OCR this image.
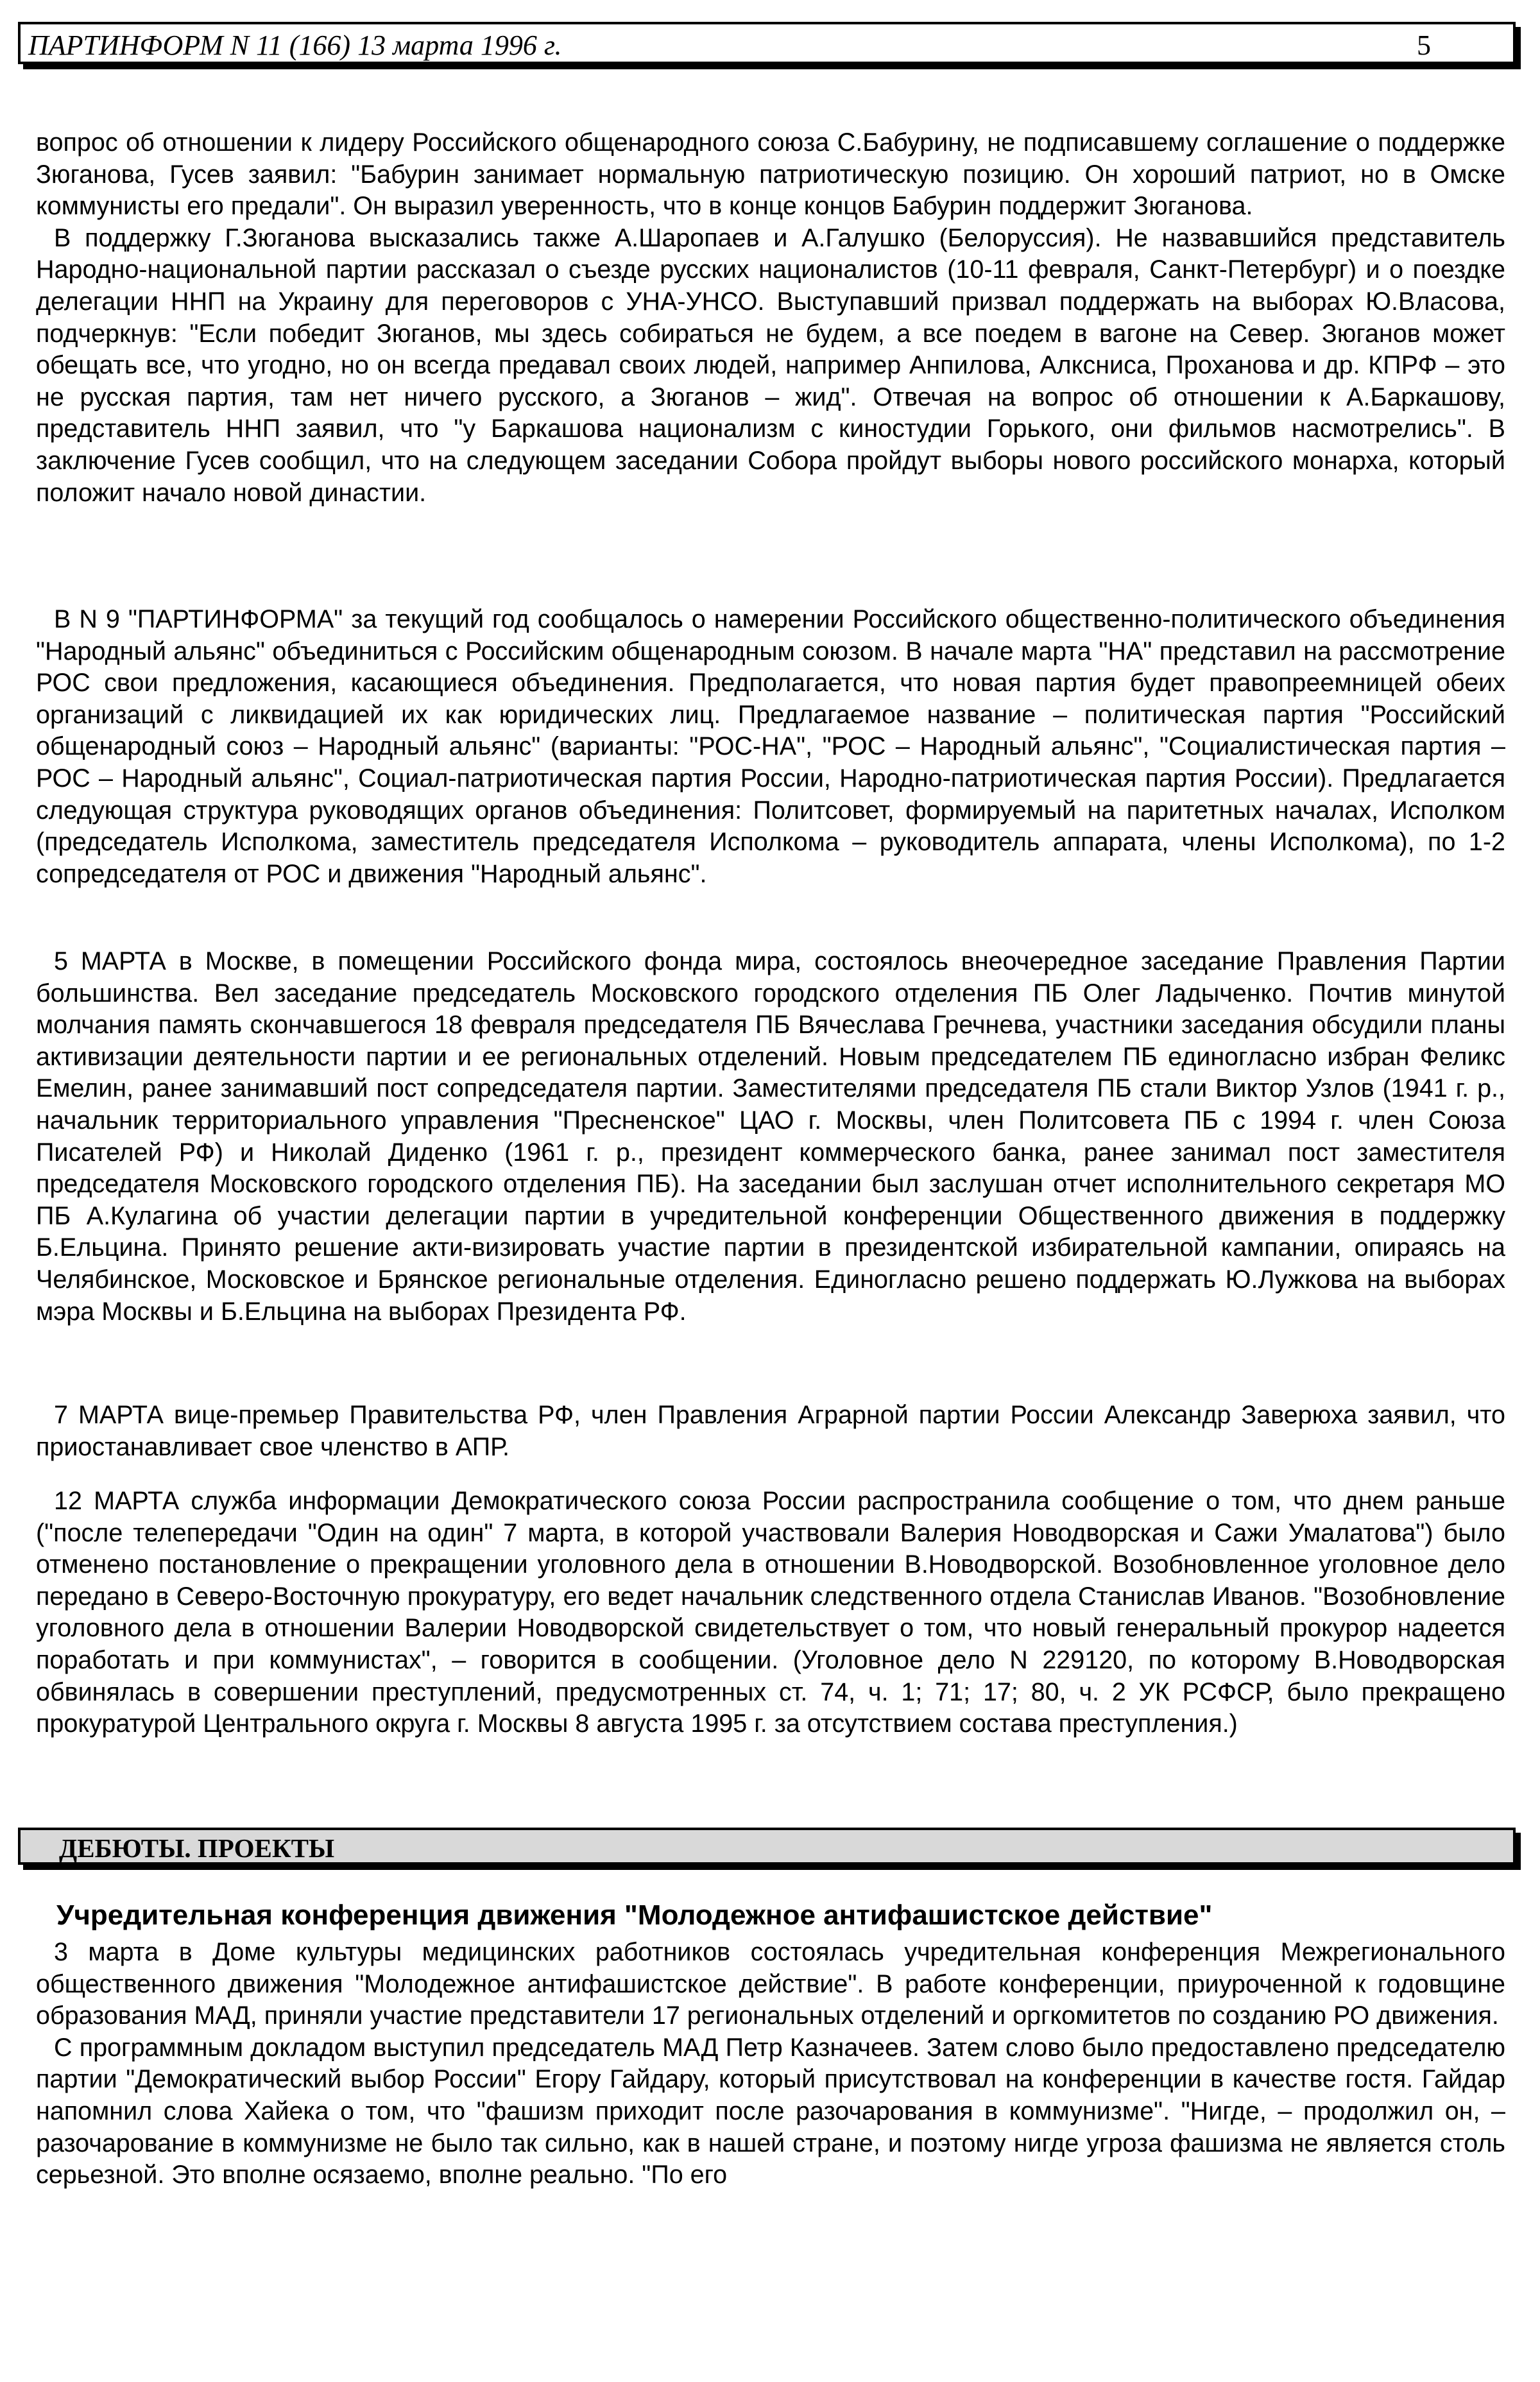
ПАРТИНФОРМ N 11 (166) 13 марта 1996 г.	5

вопрос об отношении к лидеру Российского общенародного союза С.Бабурину, не подписавшему соглашение о поддержке Зюганова, Гусев заявил: "Бабурин занимает нормальную патриотическую позицию. Он хороший патриот, но в Омске коммунисты его предали". Он выразил уверенность, что в конце концов Бабурин поддержит Зюганова.

В поддержку Г.Зюганова высказались также А.Шаропаев и А.Галушко (Белоруссия). Не назвавшийся представитель Народно-национальной партии рассказал о съезде русских националистов (10-11 февраля, Санкт-Петербург) и о поездке делегации ННП на Украину для переговоров с УНА-УНСО. Выступавший призвал поддержать на выборах Ю.Власова, подчеркнув: "Если победит Зюганов, мы здесь собираться не будем, а все поедем в вагоне на Север. Зюганов может обещать все, что угодно, но он всегда предавал своих людей, например Анпилова, Алксниса, Проханова и др. КПРФ – это не русская партия, там нет ничего русского, а Зюганов – жид". Отвечая на вопрос об отношении к А.Баркашову, представитель ННП заявил, что "у Баркашова национализм с киностудии Горького, они фильмов насмотрелись". В заключение Гусев сообщил, что на следующем заседании Собора пройдут выборы нового российского монарха, который положит начало новой династии.

В N 9 "ПАРТИНФОРМА" за текущий год сообщалось о намерении Российского общественно-политического объединения "Народный альянс" объединиться с Российским общенародным союзом. В начале марта "НА" представил на рассмотрение РОС свои предложения, касающиеся объединения. Предполагается, что новая партия будет правопреемницей обеих организаций с ликвидацией их как юридических лиц. Предлагаемое название – политическая партия "Российский общенародный союз – Народный альянс" (варианты: "РОС-НА", "РОС – Народный альянс", "Социалистическая партия – РОС – Народный альянс", Социал-патриотическая партия России, Народно-патриотическая партия России). Предлагается следующая структура руководящих органов объединения: Политсовет, формируемый на паритетных началах, Исполком (председатель Исполкома, заместитель председателя Исполкома – руководитель аппарата, члены Исполкома), по 1-2 сопредседателя от РОС и движения "Народный альянс".

5 МАРТА в Москве, в помещении Российского фонда мира, состоялось внеочередное заседание Правления Партии большинства. Вел заседание председатель Московского городского отделения ПБ Олег Ладыченко. Почтив минутой молчания память скончавшегося 18 февраля председателя ПБ Вячеслава Гречнева, участники заседания обсудили планы активизации деятельности партии и ее региональных отделений. Новым председателем ПБ единогласно избран Феликс Емелин, ранее занимавший пост сопредседателя партии. Заместителями председателя ПБ стали Виктор Узлов (1941 г. р., начальник территориального управления "Пресненское" ЦАО г. Москвы, член Политсовета ПБ с 1994 г. член Союза Писателей РФ) и Николай Диденко (1961 г. р., президент коммерческого банка, ранее занимал пост заместителя председателя Московского городского отделения ПБ). На заседании был заслушан отчет исполнительного секретаря МО ПБ А.Кулагина об участии делегации партии в учредительной конференции Общественного движения в поддержку Б.Ельцина. Принято решение акти-визировать участие партии в президентской избирательной кампании, опираясь на Челябинское, Московское и Брянское региональные отделения. Единогласно решено поддержать Ю.Лужкова на выборах мэра Москвы и Б.Ельцина на выборах Президента РФ.

7 МАРТА вице-премьер Правительства РФ, член Правления Аграрной партии России Александр Заверюха заявил, что приостанавливает свое членство в АПР.

12 МАРТА служба информации Демократического союза России распространила сообщение о том, что днем раньше ("после телепередачи "Один на один" 7 марта, в которой участвовали Валерия Новодворская и Сажи Умалатова") было отменено постановление о прекращении уголовного дела в отношении В.Новодворской. Возобновленное уголовное дело передано в Северо-Восточную прокуратуру, его ведет начальник следственного отдела Станислав Иванов. "Возобновление уголовного дела в отношении Валерии Новодворской свидетельствует о том, что новый генеральный прокурор надеется поработать и при коммунистах", – говорится в сообщении. (Уголовное дело N 229120, по которому В.Новодворская обвинялась в совершении преступлений, предусмотренных ст. 74, ч. 1; 71; 17; 80, ч. 2 УК РСФСР, было прекращено прокуратурой Центрального округа г. Москвы 8 августа 1995 г. за отсутствием состава преступления.)

ДЕБЮТЫ. ПРОЕКТЫ
Учредительная конференция движения "Молодежное антифашистское действие"

3 марта в Доме культуры медицинских работников состоялась учредительная конференция Межрегионального общественного движения "Молодежное антифашистское действие". В работе конференции, приуроченной к годовщине образования МАД, приняли участие представители 17 региональных отделений и оргкомитетов по созданию РО движения.

С программным докладом выступил председатель МАД Петр Казначеев. Затем слово было предоставлено председателю партии "Демократический выбор России" Егору Гайдару, который присутствовал на конференции в качестве гостя. Гайдар напомнил слова Хайека о том, что "фашизм приходит после разочарования в коммунизме". "Нигде, – продолжил он, – разочарование в коммунизме не было так сильно, как в нашей стране, и поэтому нигде угроза фашизма не является столь серьезной. Это вполне осязаемо, вполне реально. "По его
